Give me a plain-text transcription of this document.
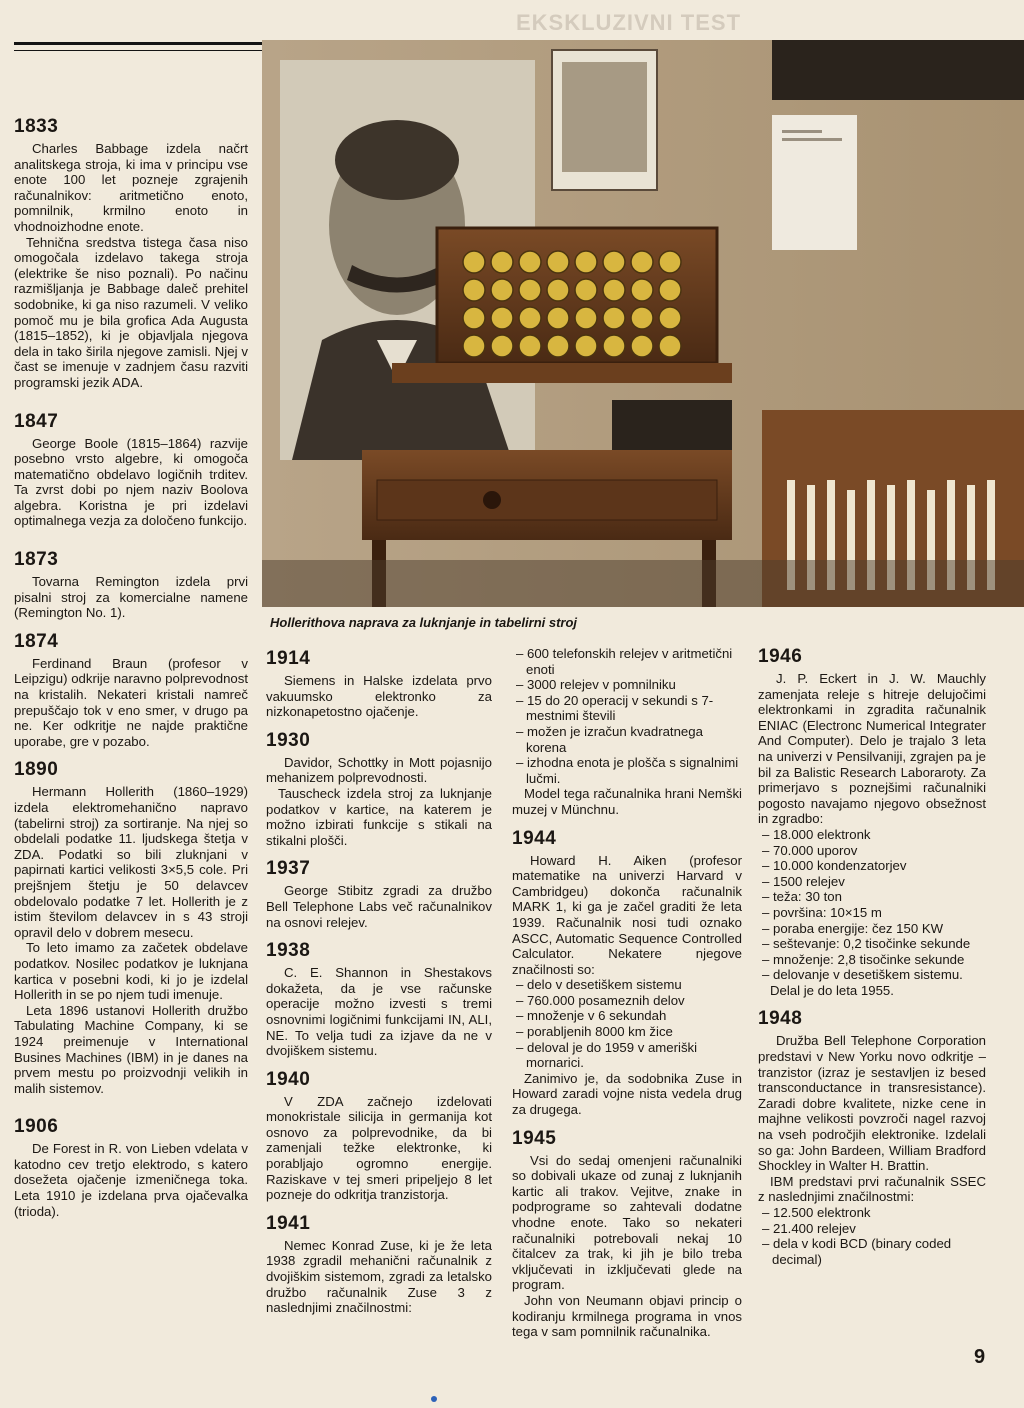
EKSKLUZIVNI TEST
Hollerithova naprava za luknjanje in tabelirni stroj
1833

Charles Babbage izdela načrt analitskega stroja, ki ima v principu vse enote 100 let pozneje zgrajenih računalnikov: aritmetično enoto, pomnilnik, krmilno enoto in vhodnoizhodne enote.

Tehnična sredstva tistega časa niso omogočala izdelavo takega stroja (elektrike še niso poznali). Po načinu razmišljanja je Babbage daleč prehitel sodobnike, ki ga niso razumeli. V veliko pomoč mu je bila grofica Ada Augusta (1815–1852), ki je objavljala njegova dela in tako širila njegove zamisli. Njej v čast se imenuje v zadnjem času razviti programski jezik ADA.

1847

George Boole (1815–1864) razvije posebno vrsto algebre, ki omogoča matematično obdelavo logičnih trditev. Ta zvrst dobi po njem naziv Boolova algebra. Koristna je pri izdelavi optimalnega vezja za določeno funkcijo.

1873

Tovarna Remington izdela prvi pisalni stroj za komercialne namene (Remington No. 1).

1874

Ferdinand Braun (profesor v Leipzigu) odkrije naravno polprevodnost na kristalih. Nekateri kristali namreč prepuščajo tok v eno smer, v drugo pa ne. Ker odkritje ne najde praktične uporabe, gre v pozabo.

1890

Hermann Hollerith (1860–1929) izdela elektromehanično napravo (tabelirni stroj) za sortiranje. Na njej so obdelali podatke 11. ljudskega štetja v ZDA. Podatki so bili zluknjani v papirnati kartici velikosti 3×5,5 cole. Pri prejšnjem štetju je 50 delavcev obdelovalo podatke 7 let. Hollerith je z istim številom delavcev in s 43 stroji opravil delo v dobrem mesecu.

To leto imamo za začetek obdelave podatkov. Nosilec podatkov je luknjana kartica v posebni kodi, ki jo je izdelal Hollerith in se po njem tudi imenuje.

Leta 1896 ustanovi Hollerith družbo Tabulating Machine Company, ki se 1924 preimenuje v International Busines Machines (IBM) in je danes na prvem mestu po proizvodnji velikih in malih sistemov.

1906

De Forest in R. von Lieben vdelata v katodno cev tretjo elektrodo, s katero dosežeta ojačenje izmeničnega toka. Leta 1910 je izdelana prva ojačevalka (trioda).

1914

Siemens in Halske izdelata prvo vakuumsko elektronko za nizkonapetostno ojačenje.

1930

Davidor, Schottky in Mott pojasnijo mehanizem polprevodnosti.

Tauscheck izdela stroj za luknjanje podatkov v kartice, na katerem je možno izbirati funkcije s stikali na stikalni plošči.

1937

George Stibitz zgradi za družbo Bell Telephone Labs več računalnikov na osnovi relejev.

1938

C. E. Shannon in Shestakovs dokažeta, da je vse računske operacije možno izvesti s tremi osnovnimi logičnimi funkcijami IN, ALI, NE. To velja tudi za izjave da ne v dvojiškem sistemu.

1940

V ZDA začnejo izdelovati monokristale silicija in germanija kot osnovo za polprevodnike, da bi zamenjali težke elektronke, ki porabljajo ogromno energije. Raziskave v tej smeri pripeljejo 8 let pozneje do odkritja tranzistorja.

1941

Nemec Konrad Zuse, ki je že leta 1938 zgradil mehanični računalnik z dvojiškim sistemom, zgradi za letalsko družbo računalnik Zuse 3 z naslednjimi značilnostmi:

– 600 telefonskih relejev v aritmetični enoti

– 3000 relejev v pomnilniku

– 15 do 20 operacij v sekundi s 7-mestnimi števili

– možen je izračun kvadratnega korena

– izhodna enota je plošča s signalnimi lučmi.

Model tega računalnika hrani Nemški muzej v Münchnu.

1944

Howard H. Aiken (profesor matematike na univerzi Harvard v Cambridgeu) dokonča računalnik MARK 1, ki ga je začel graditi že leta 1939. Računalnik nosi tudi oznako ASCC, Automatic Sequence Controlled Calculator. Nekatere njegove značilnosti so:

– delo v desetiškem sistemu

– 760.000 posameznih delov

– množenje v 6 sekundah

– porabljenih 8000 km žice

– deloval je do 1959 v ameriški mornarici.

Zanimivo je, da sodobnika Zuse in Howard zaradi vojne nista vedela drug za drugega.

1945

Vsi do sedaj omenjeni računalniki so dobivali ukaze od zunaj z luknjanih kartic ali trakov. Vejitve, znake in podprograme so zahtevali dodatne vhodne enote. Tako so nekateri računalniki potrebovali nekaj 10 čitalcev za trak, ki jih je bilo treba vključevati in izključevati glede na program.

John von Neumann objavi princip o kodiranju krmilnega programa in vnos tega v sam pomnilnik računalnika.

1946

J. P. Eckert in J. W. Mauchly zamenjata releje s hitreje delujočimi elektronkami in zgradita računalnik ENIAC (Electronc Numerical Integrater And Computer). Delo je trajalo 3 leta na univerzi v Pensilvaniji, zgrajen pa je bil za Balistic Research Laboraroty. Za primerjavo s poznejšimi računalniki pogosto navajamo njegovo obsežnost in zgradbo:

– 18.000 elektronk

– 70.000 uporov

– 10.000 kondenzatorjev

– 1500 relejev

– teža: 30 ton

– površina: 10×15 m

– poraba energije: čez 150 KW

– seštevanje: 0,2 tisočinke sekunde

– množenje: 2,8 tisočinke sekunde

– delovanje v desetiškem sistemu.

Delal je do leta 1955.

1948

Družba Bell Telephone Corporation predstavi v New Yorku novo odkritje – tranzistor (izraz je sestavljen iz besed transconductance in transresistance). Zaradi dobre kvalitete, nizke cene in majhne velikosti povzroči nagel razvoj na vseh področjih elektronike. Izdelali so ga: John Bardeen, William Bradford Shockley in Walter H. Brattin.

IBM predstavi prvi računalnik SSEC z naslednjimi značilnostmi:

– 12.500 elektronk

– 21.400 relejev

– dela v kodi BCD (binary coded decimal)

9
